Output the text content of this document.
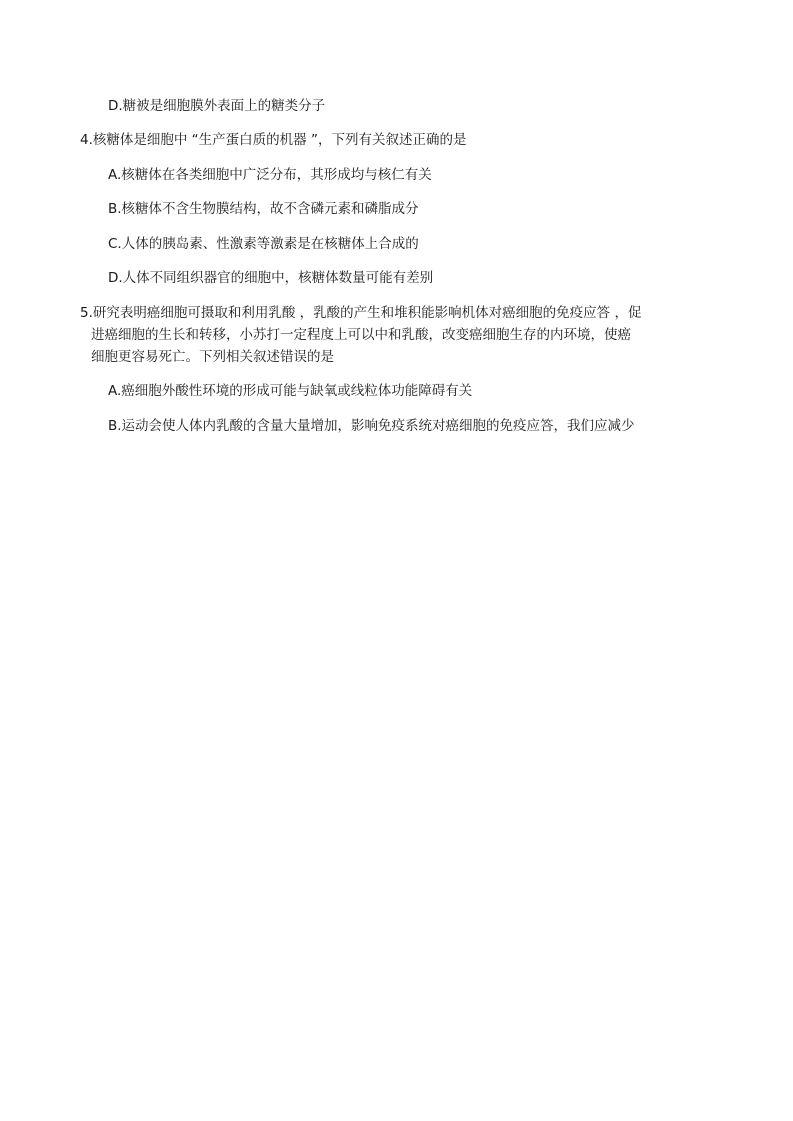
D.糖被是细胞膜外表面上的糖类分子
4.核糖体是细胞中 “生产蛋白质的机器 ”，下列有关叙述正确的是
A.核糖体在各类细胞中广泛分布，其形成均与核仁有关
B.核糖体不含生物膜结构，故不含磷元素和磷脂成分
C.人体的胰岛素、性激素等激素是在核糖体上合成的
D.人体不同组织器官的细胞中，核糖体数量可能有差别
5.研究表明癌细胞可摄取和利用乳酸 ，乳酸的产生和堆积能影响机体对癌细胞的免疫应答 ，促
进癌细胞的生长和转移，小苏打一定程度上可以中和乳酸，改变癌细胞生存的内环境，使癌
细胞更容易死亡。下列相关叙述错误的是
A.癌细胞外酸性环境的形成可能与缺氧或线粒体功能障碍有关
B.运动会使人体内乳酸的含量大量增加，影响免疫系统对癌细胞的免疫应答，我们应减少
